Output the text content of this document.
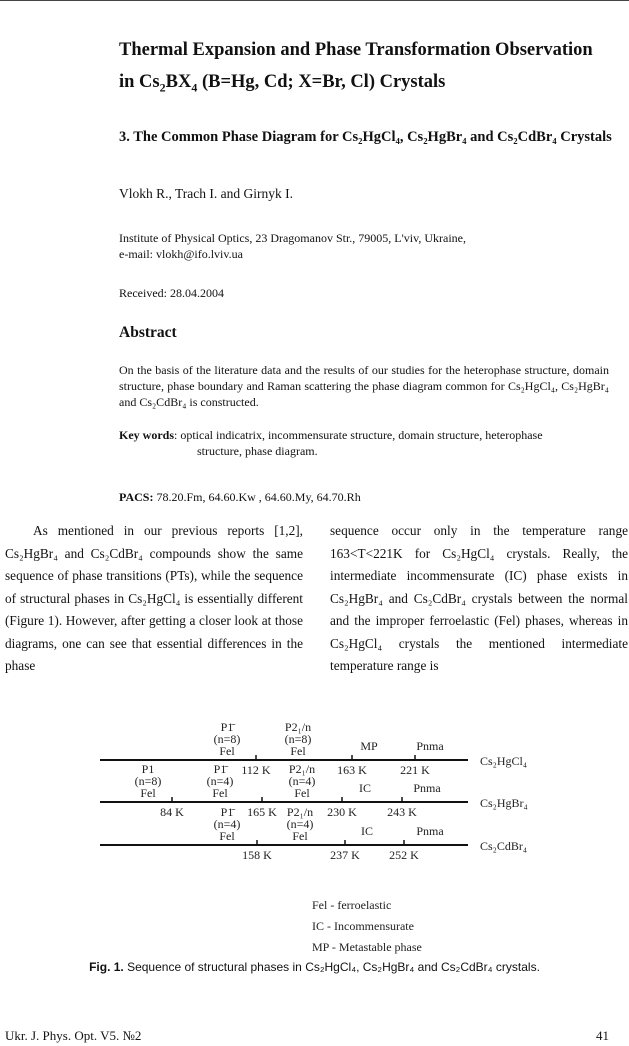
Thermal Expansion and Phase Transformation Observation
in $Cs_2BX_4$ (B=Hg, Cd; X=Br, Cl) Crystals
3. The Common Phase Diagram for Cs₂HgCl₄, Cs₂HgBr₄ and Cs₂CdBr₄ Crystals
Vlokh R., Trach I. and Girnyk I.
Institute of Physical Optics, 23 Dragomanov Str., 79005, L'viv, Ukraine,
e-mail: vlokh@ifo.lviv.ua
Received: 28.04.2004
Abstract
On the basis of the literature data and the results of our studies for the heterophase structure, domain structure, phase boundary and Raman scattering the phase diagram common for Cs₂HgCl₄, Cs₂HgBr₄ and Cs₂CdBr₄ is constructed.
Key words: optical indicatrix, incommensurate structure, domain structure, heterophase
structure, phase diagram.
PACS: 78.20.Fm, 64.60.Kw , 64.60.My, 64.70.Rh
As mentioned in our previous reports [1,2], Cs₂HgBr₄ and Cs₂CdBr₄ compounds show the same sequence of phase transitions (PTs), while the sequence of structural phases in Cs₂HgCl₄ is essentially different (Figure 1). However, after getting a closer look at those diagrams, one can see that essential differences in the phase
sequence occur only in the temperature range 163<T<221K for Cs₂HgCl₄ crystals. Really, the intermediate incommensurate (IC) phase exists in Cs₂HgBr₄ and Cs₂CdBr₄ crystals between the normal and the improper ferroelastic (Fel) phases, whereas in Cs₂HgCl₄ crystals the mentioned intermediate temperature range is
Cs₂HgCl₄
P1̄
(n=8)
Fel
P2₁/n
(n=8)
Fel	MP	Pnma
112 K	163 K	221 K
Cs₂HgBr₄
P1
(n=8)
Fel
P1̄
(n=4)
Fel
P2₁/n
(n=4)
Fel	IC	Pnma
84 K	165 K	230 K	243 K
Cs₂CdBr₄
P1̄
(n=4)
Fel
P2₁/n
(n=4)
Fel	IC	Pnma
158 K	237 K 252 K
Fel - ferroelastic
IC - Incommensurate
MP - Metastable phase
Fig. 1. Sequence of structural phases in Cs₂HgCl₄, Cs₂HgBr₄ and Cs₂CdBr₄ crystals.
Ukr. J. Phys. Opt. V5. №2	41
